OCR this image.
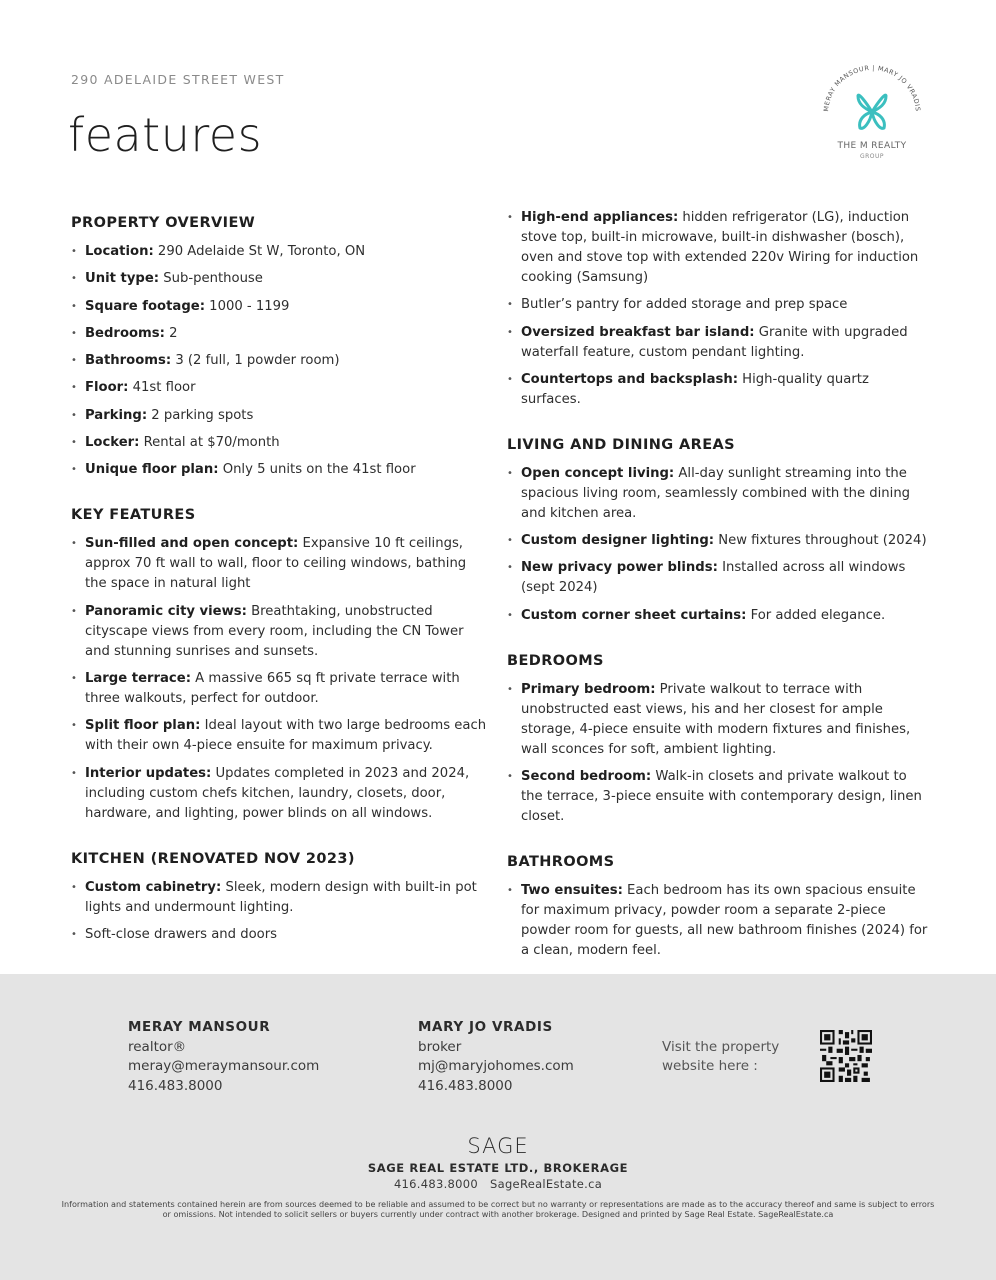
290 ADELAIDE STREET WEST
features	MERAY MANSOUR | MARY JO VRADIS
THE M REALTY
GROUP
PROPERTY OVERVIEW
• Location: 290 Adelaide St W, Toronto, ON
• Unit type: Sub-penthouse
• Square footage: 1000 - 1199
• Bedrooms: 2
• Bathrooms: 3 (2 full, 1 powder room)
• Floor: 41st floor
• Parking: 2 parking spots
• Locker: Rental at $70/month
• Unique floor plan: Only 5 units on the 41st floor
KEY FEATURES
• Sun-filled and open concept: Expansive 10 ft ceilings, approx 70 ft wall to wall, floor to ceiling windows, bathing the space in natural light
• Panoramic city views: Breathtaking, unobstructed cityscape views from every room, including the CN Tower and stunning sunrises and sunsets.
• Large terrace: A massive 665 sq ft private terrace with three walkouts, perfect for outdoor.
• Split floor plan: Ideal layout with two large bedrooms each with their own 4-piece ensuite for maximum privacy.
• Interior updates: Updates completed in 2023 and 2024, including custom chefs kitchen, laundry, closets, door, hardware, and lighting, power blinds on all windows.
KITCHEN (RENOVATED NOV 2023)
• Custom cabinetry: Sleek, modern design with built-in pot lights and undermount lighting.
• Soft-close drawers and doors
• High-end appliances: hidden refrigerator (LG), induction stove top, built-in microwave, built-in dishwasher (bosch), oven and stove top with extended 220v Wiring for induction cooking (Samsung)
• Butler’s pantry for added storage and prep space
• Oversized breakfast bar island: Granite with upgraded waterfall feature, custom pendant lighting.
• Countertops and backsplash: High-quality quartz surfaces.
LIVING AND DINING AREAS
• Open concept living: All-day sunlight streaming into the spacious living room, seamlessly combined with the dining and kitchen area.
• Custom designer lighting: New fixtures throughout (2024)
• New privacy power blinds: Installed across all windows (sept 2024)
• Custom corner sheet curtains: For added elegance.
BEDROOMS
• Primary bedroom: Private walkout to terrace with unobstructed east views, his and her closest for ample storage, 4-piece ensuite with modern fixtures and finishes, wall sconces for soft, ambient lighting.
• Second bedroom: Walk-in closets and private walkout to the terrace, 3-piece ensuite with contemporary design, linen closet.
BATHROOMS
• Two ensuites: Each bedroom has its own spacious ensuite for maximum privacy, powder room a separate 2-piece powder room for guests, all new bathroom finishes (2024) for a clean, modern feel.
MERAY MANSOUR
realtor®
meray@meraymansour.com
416.483.8000
MARY JO VRADIS
broker
mj@maryjohomes.com
416.483.8000
Visit the property
website here :
SAGE
SAGE REAL ESTATE LTD., BROKERAGE
416.483.8000 SageRealEstate.ca
Information and statements contained herein are from sources deemed to be reliable and assumed to be correct but no warranty or representations are made as to the accuracy thereof and same is subject to errors or omissions. Not intended to solicit sellers or buyers currently under contract with another brokerage. Designed and printed by Sage Real Estate. SageRealEstate.ca
